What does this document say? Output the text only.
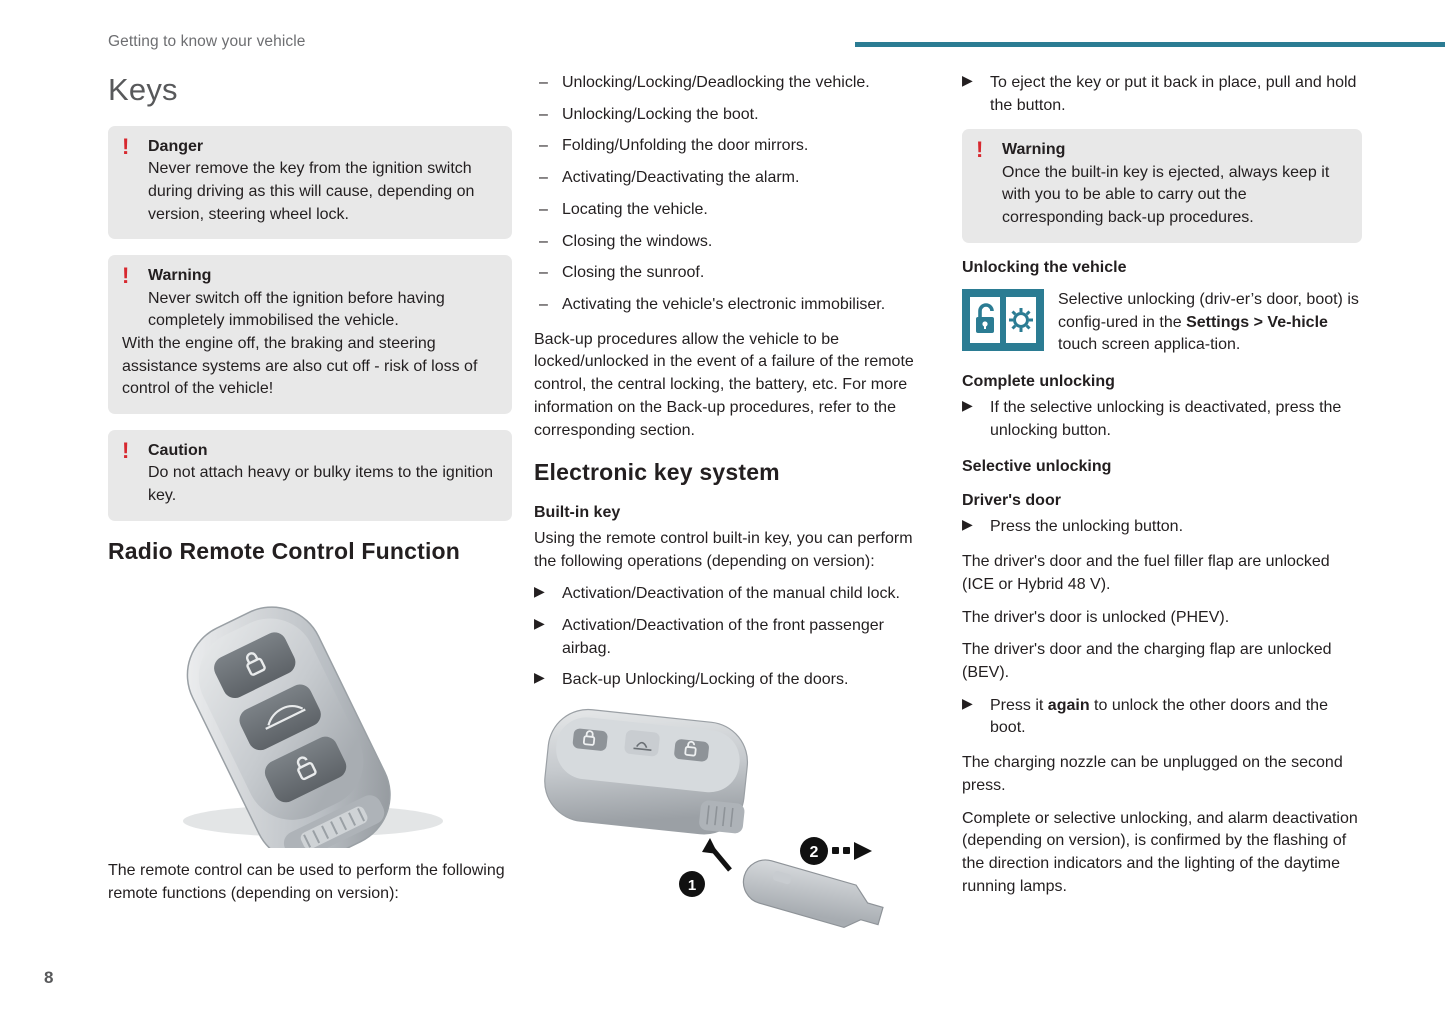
Getting to know your vehicle
8
Keys
! Danger

Never remove the key from the ignition switch during driving as this will cause, depending on version, steering wheel lock.

! Warning

Never switch off the ignition before having completely immobilised the vehicle.

With the engine off, the braking and steering assistance systems are also cut off - risk of loss of control of the vehicle!

! Caution

Do not attach heavy or bulky items to the ignition key.

Radio Remote Control Function

The remote control can be used to perform the following remote functions (depending on version):

– Unlocking/Locking/Deadlocking the vehicle.
– Unlocking/Locking the boot.
– Folding/Unfolding the door mirrors.
– Activating/Deactivating the alarm.
– Locating the vehicle.
– Closing the windows.
– Closing the sunroof.
– Activating the vehicle's electronic immobiliser.

Back-up procedures allow the vehicle to be locked/unlocked in the event of a failure of the remote control, the central locking, the battery, etc. For more information on the Back-up procedures, refer to the corresponding section.

Electronic key system
Built-in key

Using the remote control built-in key, you can perform the following operations (depending on version):

▶ Activation/Deactivation of the manual child lock.
▶ Activation/Deactivation of the front passenger airbag.
▶ Back-up Unlocking/Locking of the doors.
1
2
▶ To eject the key or put it back in place, pull and hold the button.
! Warning

Once the built-in key is ejected, always keep it with you to be able to carry out the corresponding back-up procedures.

Unlocking the vehicle
Selective unlocking (driv-er’s door, boot) is config-ured in the Settings > Ve-hicle touch screen applica-tion.
Complete unlocking
▶ If the selective unlocking is deactivated, press the unlocking button.
Selective unlocking
Driver's door
▶ Press the unlocking button.

The driver's door and the fuel filler flap are unlocked (ICE or Hybrid 48 V).

The driver's door is unlocked (PHEV).

The driver's door and the charging flap are unlocked (BEV).

▶ Press it again to unlock the other doors and the boot.

The charging nozzle can be unplugged on the second press.

Complete or selective unlocking, and alarm deactivation (depending on version), is confirmed by the flashing of the direction indicators and the lighting of the daytime running lamps.
